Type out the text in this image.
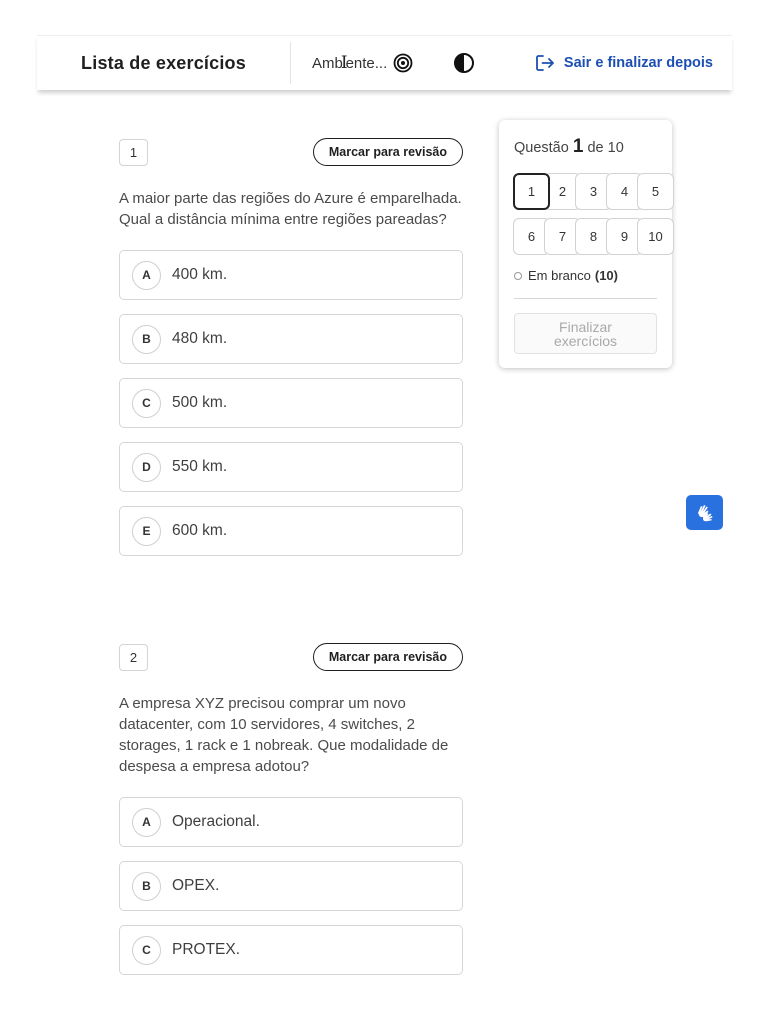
Lista de exercícios	Amb
I
ente...	Sair e finalizar depois
1	Marcar para revisão
A maior parte das regiões do Azure é emparelhada. Qual a distância mínima entre regiões pareadas?
A	400 km.
B	480 km.
C	500 km.
D	550 km.
E	600 km.
2	Marcar para revisão
A empresa XYZ precisou comprar um novo datacenter, com 10 servidores, 4 switches, 2 storages, 1 rack e 1 nobreak. Que modalidade de despesa a empresa adotou?
A	Operacional.
B	OPEX.
C	PROTEX.
Questão 1 de 10
1	2	3	4	5
6	7	8	9	10
Em branco (10)
Finalizar exercícios
